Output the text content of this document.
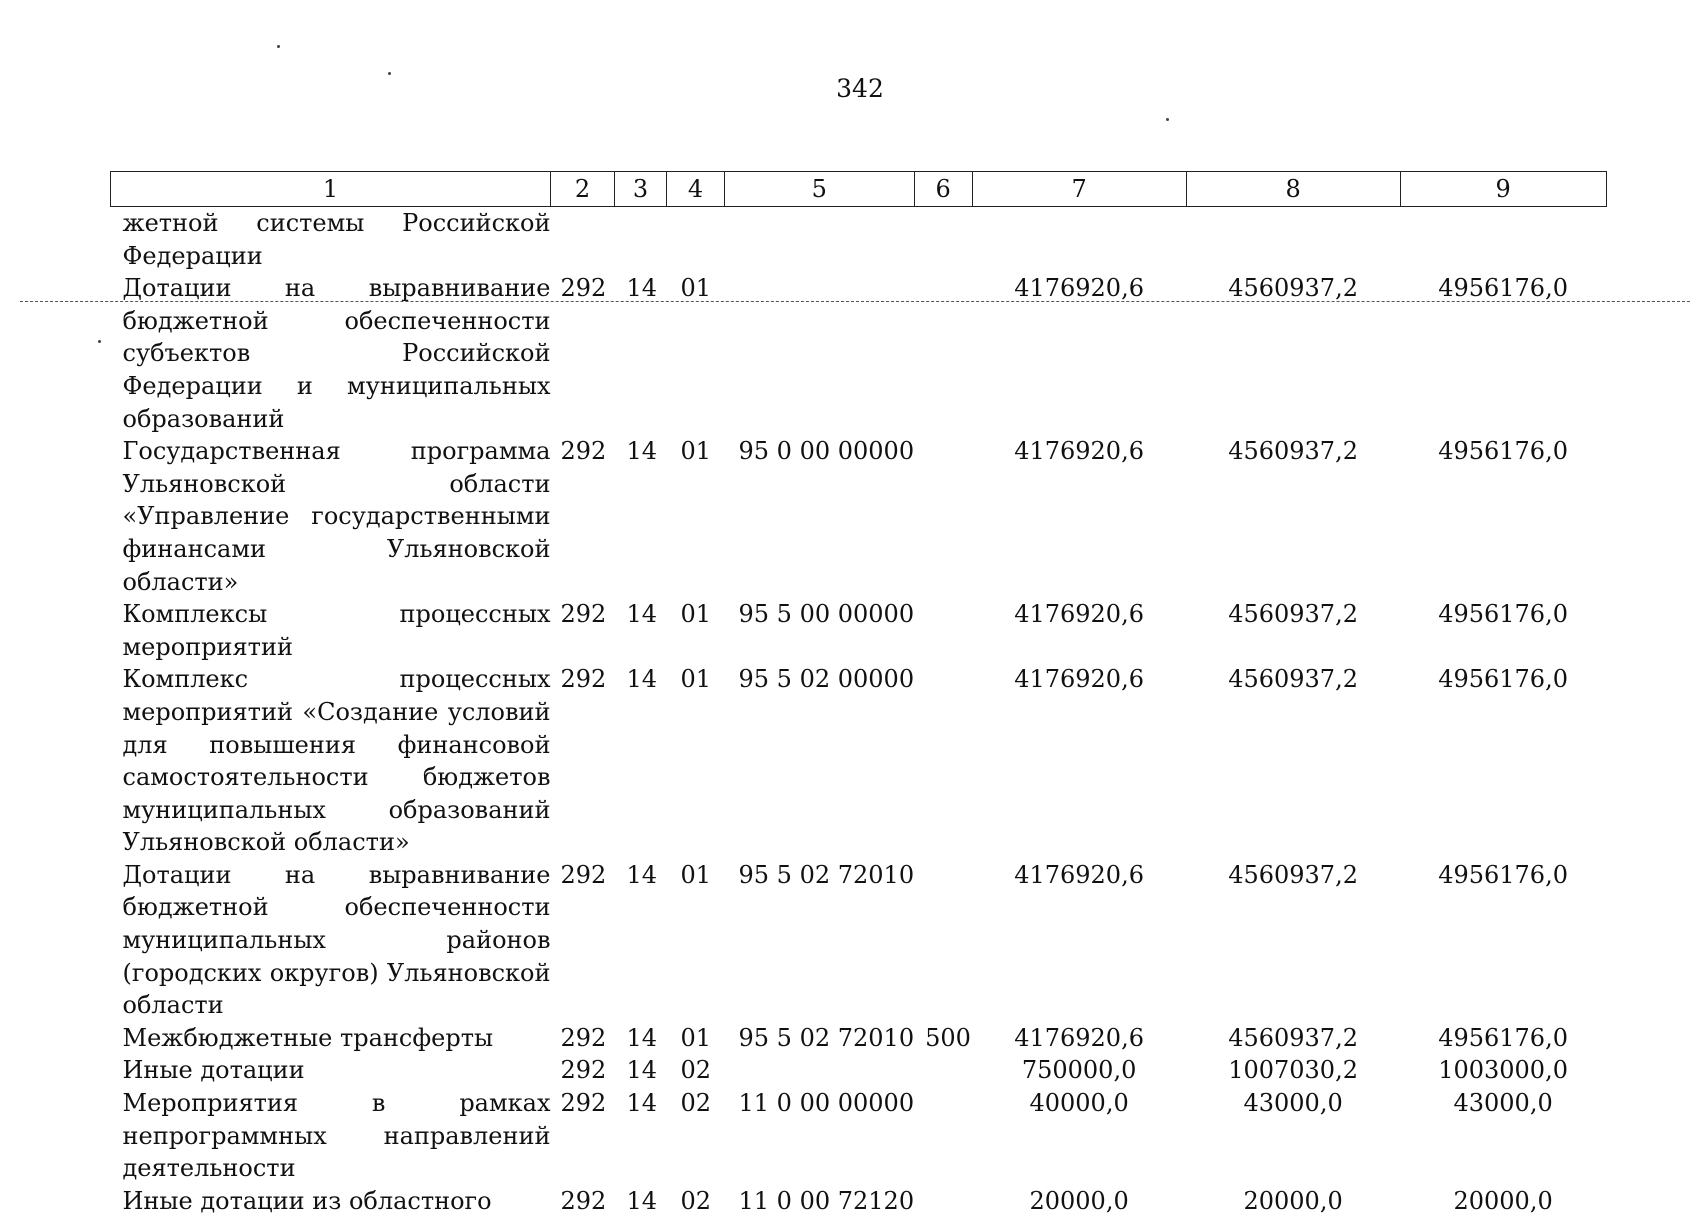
342
1	2	3	4	5	6	7	8	9
жетной системы Российской Федерации								
Дотации на выравнивание бюджетной обеспеченности субъектов Российской Федерации и муниципальных образований	292	14	01			4176920,6	4560937,2	4956176,0
Государственная программа Ульяновской области «Управление государственными финансами Ульяновской области»	292	14	01	95 0 00 00000		4176920,6	4560937,2	4956176,0
Комплексы процессных мероприятий	292	14	01	95 5 00 00000		4176920,6	4560937,2	4956176,0
Комплекс процессных мероприятий «Создание условий для повышения финансовой самостоятельности бюджетов муниципальных образований Ульяновской области»	292	14	01	95 5 02 00000		4176920,6	4560937,2	4956176,0
Дотации на выравнивание бюджетной обеспеченности муниципальных районов (городских округов) Ульяновской области	292	14	01	95 5 02 72010		4176920,6	4560937,2	4956176,0
Межбюджетные трансферты	292	14	01	95 5 02 72010	500	4176920,6	4560937,2	4956176,0
Иные дотации	292	14	02			750000,0	1007030,2	1003000,0
Мероприятия в рамках непрограммных направлений деятельности	292	14	02	11 0 00 00000		40000,0	43000,0	43000,0
Иные дотации из областного	292	14	02	11 0 00 72120		20000,0	20000,0	20000,0
